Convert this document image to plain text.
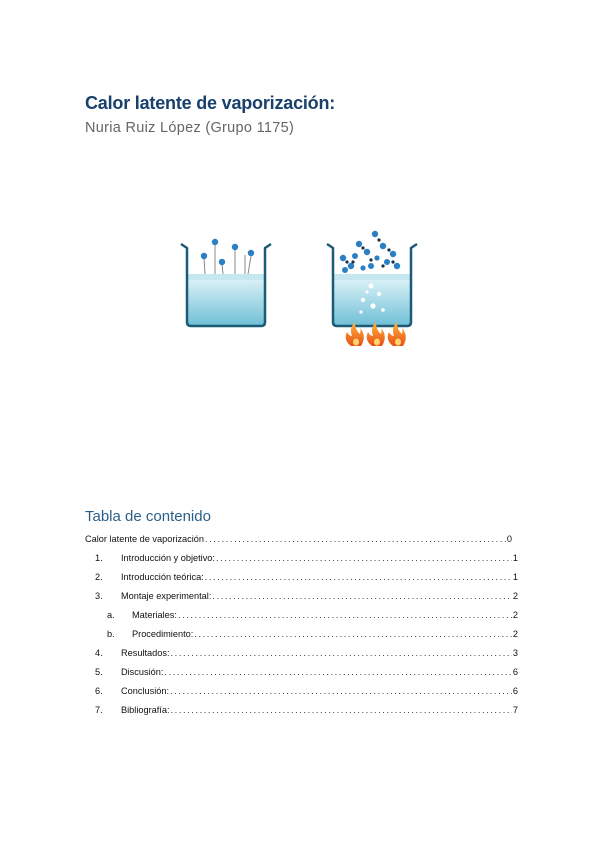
Calor latente de vaporización:
Nuria Ruiz López (Grupo 1175)
Tabla de contenido
Calor latente de vaporización .....	0
1.	Introducción y objetivo: .....	1
2.	Introducción teórica: .....	1
3.	Montaje experimental: .....	2
a.	Materiales: .....	2
b.	Procedimiento: .....	2
4.	Resultados: .....	3
5.	Discusión: .....	6
6.	Conclusión: .....	6
7.	Bibliografía: .....	7
